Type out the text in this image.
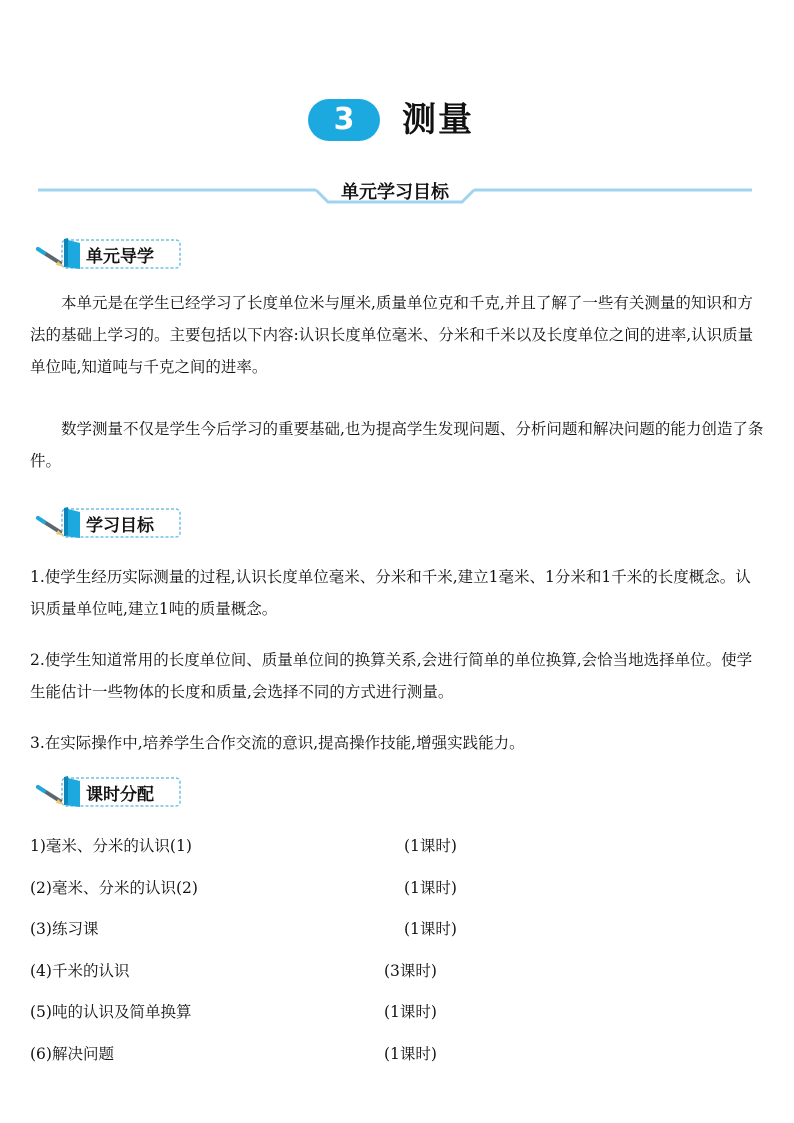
3	测量
单元学习目标
单元导学

本单元是在学生已经学习了长度单位米与厘米,质量单位克和千克,并且了解了一些有关测量的知识和方法的基础上学习的。主要包括以下内容:认识长度单位毫米、分米和千米以及长度单位之间的进率,认识质量单位吨,知道吨与千克之间的进率。

数学测量不仅是学生今后学习的重要基础,也为提高学生发现问题、分析问题和解决问题的能力创造了条件。

学习目标

1.使学生经历实际测量的过程,认识长度单位毫米、分米和千米,建立1毫米、1分米和1千米的长度概念。认识质量单位吨,建立1吨的质量概念。

2.使学生知道常用的长度单位间、质量单位间的换算关系,会进行简单的单位换算,会恰当地选择单位。使学生能估计一些物体的长度和质量,会选择不同的方式进行测量。

3.在实际操作中,培养学生合作交流的意识,提高操作技能,增强实践能力。

课时分配
1)毫米、分米的认识(1)	(1课时)
(2)毫米、分米的认识(2)	(1课时)
(3)练习课	(1课时)
(4)千米的认识	(3课时)
(5)吨的认识及简单换算	(1课时)
(6)解决问题	(1课时)
